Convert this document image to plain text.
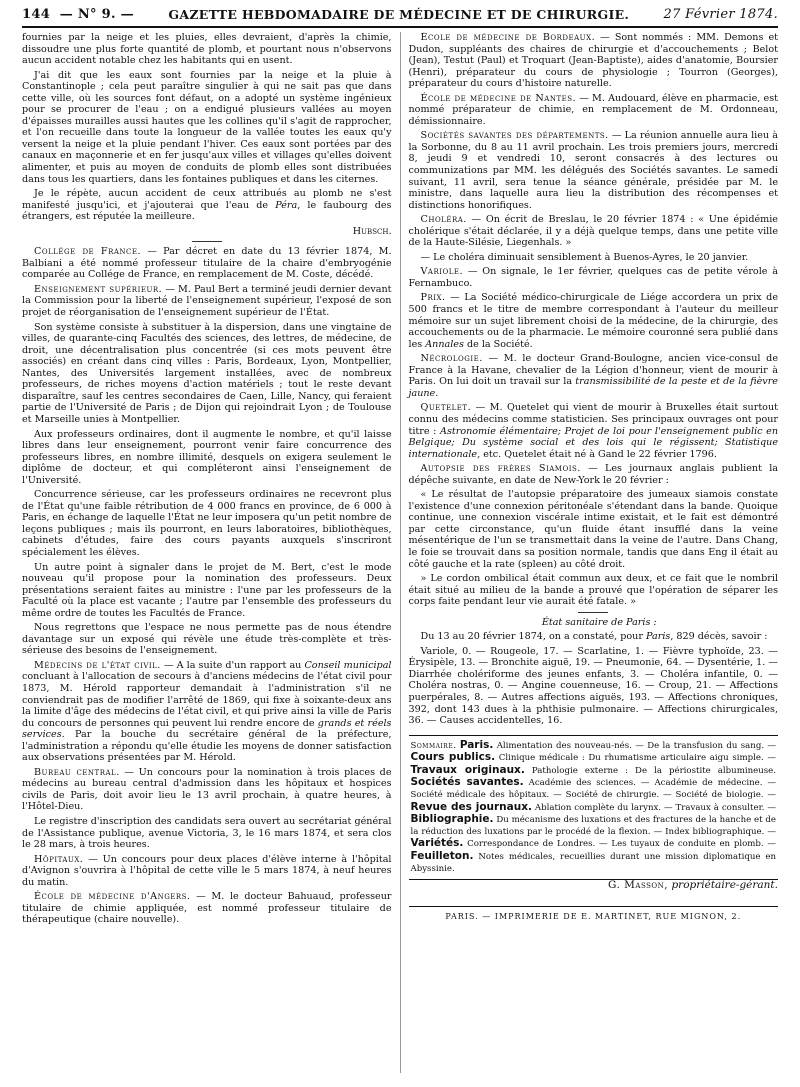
144 — N° 9. —	GAZETTE HEBDOMADAIRE DE MÉDECINE ET DE CHIRURGIE.	27 Février 1874.

fournies par la neige et les pluies, elles devraient, d'après la chimie, dissoudre une plus forte quantité de plomb, et pourtant nous n'observons aucun accident notable chez les habitants qui en usent.

J'ai dit que les eaux sont fournies par la neige et la pluie à Constantinople ; cela peut paraître singulier à qui ne sait pas que dans cette ville, où les sources font défaut, on a adopté un système ingénieux pour se procurer de l'eau ; on a endigué plusieurs vallées au moyen d'épaisses murailles aussi hautes que les collines qu'il s'agit de rapprocher, et l'on recueille dans toute la longueur de la vallée toutes les eaux qu'y versent la neige et la pluie pendant l'hiver. Ces eaux sont portées par des canaux en maçonnerie et en fer jusqu'aux villes et villages qu'elles doivent alimenter, et puis au moyen de conduits de plomb elles sont distribuées dans tous les quartiers, dans les fontaines publiques et dans les citernes.

Je le répète, aucun accident de ceux attribués au plomb ne s'est manifesté jusqu'ici, et j'ajouterai que l'eau de Péra, le faubourg des étrangers, est réputée la meilleure.

Hubsch.

Collége de France. — Par décret en date du 13 février 1874, M. Balbiani a été nommé professeur titulaire de la chaire d'embryogénie comparée au Collége de France, en remplacement de M. Coste, décédé.

Enseignement supérieur. — M. Paul Bert a terminé jeudi dernier devant la Commission pour la liberté de l'enseignement supérieur, l'exposé de son projet de réorganisation de l'enseignement supérieur de l'État.

Son système consiste à substituer à la dispersion, dans une vingtaine de villes, de quarante-cinq Facultés des sciences, des lettres, de médecine, de droit, une décentralisation plus concentrée (si ces mots peuvent être associés) en créant dans cinq villes : Paris, Bordeaux, Lyon, Montpellier, Nantes, des Universités largement installées, avec de nombreux professeurs, de riches moyens d'action matériels ; tout le reste devant disparaître, sauf les centres secondaires de Caen, Lille, Nancy, qui feraient partie de l'Université de Paris ; de Dijon qui rejoindrait Lyon ; de Toulouse et Marseille unies à Montpellier.

Aux professeurs ordinaires, dont il augmente le nombre, et qu'il laisse libres dans leur enseignement, pourront venir faire concurrence des professeurs libres, en nombre illimité, desquels on exigera seulement le diplôme de docteur, et qui compléteront ainsi l'enseignement de l'Université.

Concurrence sérieuse, car les professeurs ordinaires ne recevront plus de l'État qu'une faible rétribution de 4 000 francs en province, de 6 000 à Paris, en échange de laquelle l'État ne leur imposera qu'un petit nombre de leçons publiques ; mais ils pourront, en leurs laboratoires, bibliothèques, cabinets d'études, faire des cours payants auxquels s'inscriront spécialement les élèves.

Un autre point à signaler dans le projet de M. Bert, c'est le mode nouveau qu'il propose pour la nomination des professeurs. Deux présentations seraient faites au ministre : l'une par les professeurs de la Faculté où la place est vacante ; l'autre par l'ensemble des professeurs du même ordre de toutes les Facultés de France.

Nous regrettons que l'espace ne nous permette pas de nous étendre davantage sur un exposé qui révèle une étude très-complète et très-sérieuse des besoins de l'enseignement.

Médecins de l'état civil. — A la suite d'un rapport au Conseil municipal concluant à l'allocation de secours à d'anciens médecins de l'état civil pour 1873, M. Hérold rapporteur demandait à l'administration s'il ne conviendrait pas de modifier l'arrêté de 1869, qui fixe à soixante-deux ans la limite d'âge des médecins de l'état civil, et qui prive ainsi la ville de Paris du concours de personnes qui peuvent lui rendre encore de grands et réels services. Par la bouche du secrétaire général de la préfecture, l'administration a répondu qu'elle étudie les moyens de donner satisfaction aux observations présentées par M. Hérold.

Bureau central. — Un concours pour la nomination à trois places de médecins au bureau central d'admission dans les hôpitaux et hospices civils de Paris, doit avoir lieu le 13 avril prochain, à quatre heures, à l'Hôtel-Dieu.

Le registre d'inscription des candidats sera ouvert au secrétariat général de l'Assistance publique, avenue Victoria, 3, le 16 mars 1874, et sera clos le 28 mars, à trois heures.

Hôpitaux. — Un concours pour deux places d'élève interne à l'hôpital d'Avignon s'ouvrira à l'hôpital de cette ville le 5 mars 1874, à neuf heures du matin.

École de médecine d'Angers. — M. le docteur Bahuaud, professeur titulaire de chimie appliquée, est nommé professeur titulaire de thérapeutique (chaire nouvelle).

École de médecine de Bordeaux. — Sont nommés : MM. Demons et Dudon, suppléants des chaires de chirurgie et d'accouchements ; Belot (Jean), Testut (Paul) et Troquart (Jean-Baptiste), aides d'anatomie, Boursier (Henri), préparateur du cours de physiologie ; Tourron (Georges), préparateur du cours d'histoire naturelle.

École de médecine de Nantes. — M. Audouard, élève en pharmacie, est nommé préparateur de chimie, en remplacement de M. Ordonneau, démissionnaire.

Sociétés savantes des départements. — La réunion annuelle aura lieu à la Sorbonne, du 8 au 11 avril prochain. Les trois premiers jours, mercredi 8, jeudi 9 et vendredi 10, seront consacrés à des lectures ou communizations par MM. les délégués des Sociétés savantes. Le samedi suivant, 11 avril, sera tenue la séance générale, présidée par M. le ministre, dans laquelle aura lieu la distribution des récompenses et distinctions honorifiques.

Choléra. — On écrit de Breslau, le 20 février 1874 : « Une épidémie cholérique s'était déclarée, il y a déjà quelque temps, dans une petite ville de la Haute-Silésie, Liegenhals. »

— Le choléra diminuait sensiblement à Buenos-Ayres, le 20 janvier.

Variole. — On signale, le 1er février, quelques cas de petite vérole à Fernambuco.

Prix. — La Société médico-chirurgicale de Liége accordera un prix de 500 francs et le titre de membre correspondant à l'auteur du meilleur mémoire sur un sujet librement choisi de la médecine, de la chirurgie, des accouchements ou de la pharmacie. Le mémoire couronné sera publié dans les Annales de la Société.

Nécrologie. — M. le docteur Grand-Boulogne, ancien vice-consul de France à la Havane, chevalier de la Légion d'honneur, vient de mourir à Paris. On lui doit un travail sur la transmissibilité de la peste et de la fièvre jaune.

Quetelet. — M. Quetelet qui vient de mourir à Bruxelles était surtout connu des médecins comme statisticien. Ses principaux ouvrages ont pour titre : Astronomie élémentaire; Projet de loi pour l'enseignement public en Belgique; Du système social et des lois qui le régissent; Statistique internationale, etc. Quetelet était né à Gand le 22 février 1796.

Autopsie des frères Siamois. — Les journaux anglais publient la dépêche suivante, en date de New-York le 20 février :

« Le résultat de l'autopsie préparatoire des jumeaux siamois constate l'existence d'une connexion péritonéale s'étendant dans la bande. Quoique continue, une connexion viscérale intime existait, et le fait est démontré par cette circonstance, qu'un fluide étant insufflé dans la veine mésentérique de l'un se transmettait dans la veine de l'autre. Dans Chang, le foie se trouvait dans sa position normale, tandis que dans Eng il était au côté gauche et la rate (spleen) au côté droit.

» Le cordon ombilical était commun aux deux, et ce fait que le nombril était situé au milieu de la bande a prouvé que l'opération de séparer les corps faite pendant leur vie aurait été fatale. »

État sanitaire de Paris :

Du 13 au 20 février 1874, on a constaté, pour Paris, 829 décès, savoir :

Variole, 0. — Rougeole, 17. — Scarlatine, 1. — Fièvre typhoïde, 23. — Érysipèle, 13. — Bronchite aiguë, 19. — Pneumonie, 64. — Dysentérie, 1. — Diarrhée cholériforme des jeunes enfants, 3. — Choléra infantile, 0. — Choléra nostras, 0. — Angine couenneuse, 16. — Croup, 21. — Affections puerpérales, 8. — Autres affections aiguës, 193. — Affections chroniques, 392, dont 143 dues à la phthisie pulmonaire. — Affections chirurgicales, 36. — Causes accidentelles, 16.

Sommaire. Paris. Alimentation des nouveau-nés. — De la transfusion du sang. — Cours publics. Clinique médicale : Du rhumatisme articulaire aigu simple. — Travaux originaux. Pathologie externe : De la périostite albumineuse. Sociétés savantes. Académie des sciences. — Académie de médecine. — Société médicale des hôpitaux. — Société de chirurgie. — Société de biologie. — Revue des journaux. Ablation complète du larynx. — Travaux à consulter. — Bibliographie. Du mécanisme des luxations et des fractures de la hanche et de la réduction des luxations par le procédé de la flexion. — Index bibliographique. — Variétés. Correspondance de Londres. — Les tuyaux de conduite en plomb. — Feuilleton. Notes médicales, recueillies durant une mission diplomatique en Abyssinie.

G. Masson, propriétaire-gérant.

PARIS. — IMPRIMERIE DE E. MARTINET, RUE MIGNON, 2.
